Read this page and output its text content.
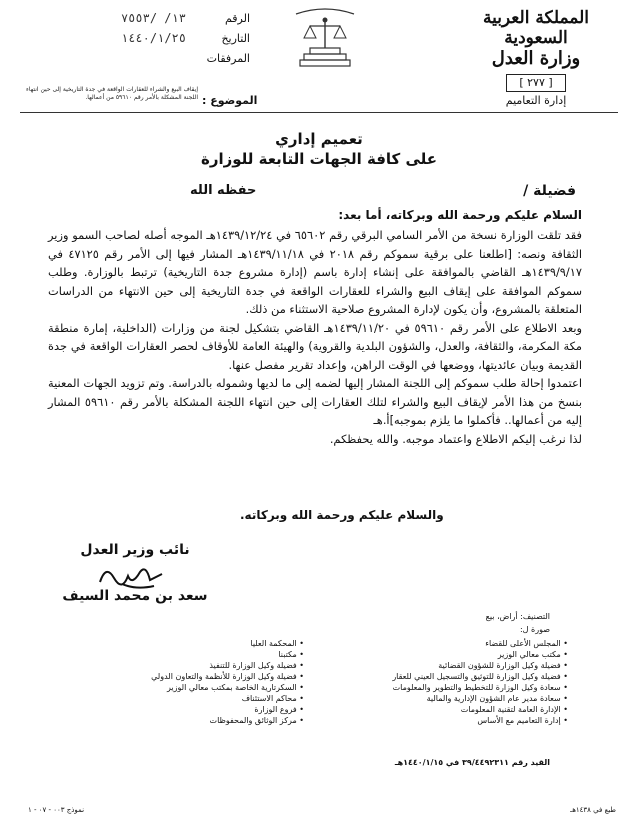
المملكة العربية السعودية
وزارة العدل
[ ٢٧٧ ]
إدارة التعاميم
الرقم
١٣/ /٧٥٥٣
التاريخ
١٤٤٠/١/٢٥
المرفقات
الموضوع :
إيقاف البيع والشراء للعقارات الواقعة في جدة التاريخية إلى حين انتهاء اللجنة المشكلة بالأمر رقم ٥٩٦١٠ من أعمالها.
تعميم إداري
على كافة الجهات التابعة للوزارة
فضيلة /
حفظه الله
السلام عليكم ورحمة الله وبركاته، أما بعد:

فقد تلقت الوزارة نسخة من الأمر السامي البرقي رقم ٦٥٦٠٢ في ١٤٣٩/١٢/٢٤هـ الموجه أصله لصاحب السمو وزير الثقافة ونصه: [اطلعنا على برقية سموكم رقم ٢٠١٨ في ١٤٣٩/١١/١٨هـ المشار فيها إلى الأمر رقم ٤٧١٢٥ في ١٤٣٩/٩/١٧هـ القاضي بالموافقة على إنشاء إدارة باسم (إدارة مشروع جدة التاريخية) ترتبط بالوزارة. وطلب سموكم الموافقة على إيقاف البيع والشراء للعقارات الواقعة في جدة التاريخية إلى حين الانتهاء من الدراسات المتعلقة بالمشروع، وأن يكون لإدارة المشروع صلاحية الاستثناء من ذلك.

وبعد الاطلاع على الأمر رقم ٥٩٦١٠ في ١٤٣٩/١١/٢٠هـ القاضي بتشكيل لجنة من وزارات (الداخلية، إمارة منطقة مكة المكرمة، والثقافة، والعدل، والشؤون البلدية والقروية) والهيئة العامة للأوقاف لحصر العقارات الواقعة في جدة القديمة وبيان عائديتها، ووضعها في الوقت الراهن، وإعداد تقرير مفصل عنها.

اعتمدوا إحالة طلب سموكم إلى اللجنة المشار إليها لضمه إلى ما لديها وشموله بالدراسة. وتم تزويد الجهات المعنية بنسخ من هذا الأمر لإيقاف البيع والشراء لتلك العقارات إلى حين انتهاء اللجنة المشكلة بالأمر رقم ٥٩٦١٠ المشار إليه من أعمالها.. فأكملوا ما يلزم بموجبه]أ.هـ

لذا نرغب إليكم الاطلاع واعتماد موجبه. والله يحفظكم.

والسلام عليكم ورحمة الله وبركاته.
نائب وزير العدل
سعد بن محمد السيف
التصنيف: أراض، بيع
صورة ل:
• المجلس الأعلى للقضاء
• مكتب معالي الوزير
• فضيلة وكيل الوزارة للشؤون القضائية
• فضيلة وكيل الوزارة للتوثيق والتسجيل العيني للعقار
• سعادة وكيل الوزارة للتخطيط والتطوير والمعلومات
• سعادة مدير عام الشؤون الإدارية والمالية
• الإدارة العامة لتقنية المعلومات
• إدارة التعاميم مع الأساس
• المحكمة العليا
• مكتبنا
• فضيلة وكيل الوزارة للتنفيذ
• فضيلة وكيل الوزارة للأنظمة والتعاون الدولي
• السكرتارية الخاصة بمكتب معالي الوزير
• محاكم الاستئناف
• فروع الوزارة
• مركز الوثائق والمحفوظات
القيد رقم ٣٩/٤٤٩٢٣١١ في ١٤٤٠/١/١٥هـ
طبع في ١٤٣٨هـ
نموذج ٠٠٣ - ٠٧ - ١
